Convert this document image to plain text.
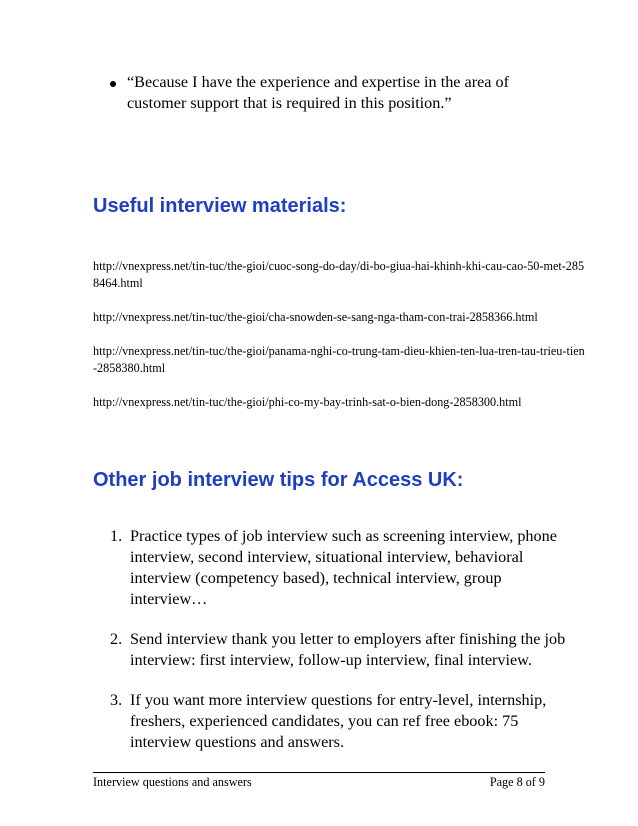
“Because I have the experience and expertise in the area of customer support that is required in this position.”
Useful interview materials:

http://vnexpress.net/tin-tuc/the-gioi/cuoc-song-do-day/di-bo-giua-hai-khinh-khi-cau-cao-50-met-2858464.html

http://vnexpress.net/tin-tuc/the-gioi/cha-snowden-se-sang-nga-tham-con-trai-2858366.html

http://vnexpress.net/tin-tuc/the-gioi/panama-nghi-co-trung-tam-dieu-khien-ten-lua-tren-tau-trieu-tien-2858380.html

http://vnexpress.net/tin-tuc/the-gioi/phi-co-my-bay-trinh-sat-o-bien-dong-2858300.html

Other job interview tips for Access UK:
1. Practice types of job interview such as screening interview, phone interview, second interview, situational interview, behavioral interview (competency based), technical interview, group interview…
2. Send interview thank you letter to employers after finishing the job interview: first interview, follow-up interview, final interview.
3. If you want more interview questions for entry-level, internship, freshers, experienced candidates, you can ref free ebook: 75 interview questions and answers.
Interview questions and answers	Page 8 of 9
